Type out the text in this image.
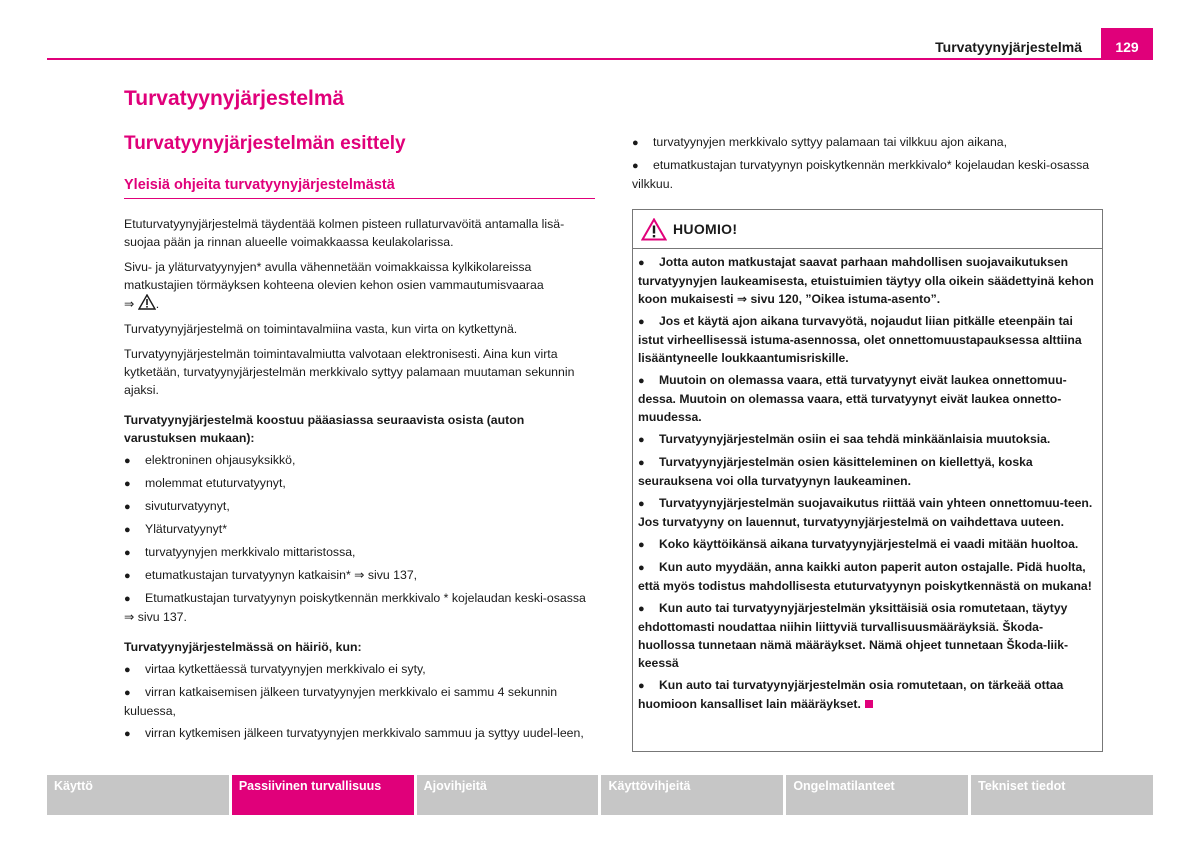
Turvatyynyjärjestelmä	129
Turvatyynyjärjestelmä
Turvatyynyjärjestelmän esittely
Yleisiä ohjeita turvatyynyjärjestelmästä

Etuturvatyynyjärjestelmä täydentää kolmen pisteen rullaturvavöitä antamalla lisä-suojaa pään ja rinnan alueelle voimakkaassa keulakolarissa.

Sivu- ja yläturvatyynyjen* avulla vähennetään voimakkaissa kylkikolareissa matkustajien törmäyksen kohteena olevien kehon osien vammautumisvaaraa
⇒ .

Turvatyynyjärjestelmä on toimintavalmiina vasta, kun virta on kytkettynä.

Turvatyynyjärjestelmän toimintavalmiutta valvotaan elektronisesti. Aina kun virta kytketään, turvatyynyjärjestelmän merkkivalo syttyy palamaan muutaman sekunnin ajaksi.

Turvatyynyjärjestelmä koostuu pääasiassa seuraavista osista (auton varustuksen mukaan):

● elektroninen ohjausyksikkö,

● molemmat etuturvatyynyt,

● sivuturvatyynyt,

● Yläturvatyynyt*

● turvatyynyjen merkkivalo mittaristossa,

● etumatkustajan turvatyynyn katkaisin* ⇒ sivu 137,

● Etumatkustajan turvatyynyn poiskytkennän merkkivalo * kojelaudan keski-osassa ⇒ sivu 137.

Turvatyynyjärjestelmässä on häiriö, kun:

● virtaa kytkettäessä turvatyynyjen merkkivalo ei syty,

● virran katkaisemisen jälkeen turvatyynyjen merkkivalo ei sammu 4 sekunnin kuluessa,

● virran kytkemisen jälkeen turvatyynyjen merkkivalo sammuu ja syttyy uudel-leen,

● turvatyynyjen merkkivalo syttyy palamaan tai vilkkuu ajon aikana,

● etumatkustajan turvatyynyn poiskytkennän merkkivalo* kojelaudan keski-osassa vilkkuu.

HUOMIO!

● Jotta auton matkustajat saavat parhaan mahdollisen suojavaikutuksen turvatyynyjen laukeamisesta, etuistuimien täytyy olla oikein säädettyinä kehon koon mukaisesti ⇒ sivu 120, ”Oikea istuma-asento”.

● Jos et käytä ajon aikana turvavyötä, nojaudut liian pitkälle eteenpäin tai istut virheellisessä istuma-asennossa, olet onnettomuustapauksessa alttiina lisääntyneelle loukkaantumisriskille.

● Muutoin on olemassa vaara, että turvatyynyt eivät laukea onnettomuu-dessa. Muutoin on olemassa vaara, että turvatyynyt eivät laukea onnetto-muudessa.

● Turvatyynyjärjestelmän osiin ei saa tehdä minkäänlaisia muutoksia.

● Turvatyynyjärjestelmän osien käsitteleminen on kiellettyä, koska seurauksena voi olla turvatyynyn laukeaminen.

● Turvatyynyjärjestelmän suojavaikutus riittää vain yhteen onnettomuu-teen. Jos turvatyyny on lauennut, turvatyynyjärjestelmä on vaihdettava uuteen.

● Koko käyttöikänsä aikana turvatyynyjärjestelmä ei vaadi mitään huoltoa.

● Kun auto myydään, anna kaikki auton paperit auton ostajalle. Pidä huolta, että myös todistus mahdollisesta etuturvatyynyn poiskytkennästä on mukana!

● Kun auto tai turvatyynyjärjestelmän yksittäisiä osia romutetaan, täytyy ehdottomasti noudattaa niihin liittyviä turvallisuusmääräyksiä. Škoda-huollossa tunnetaan nämä määräykset. Nämä ohjeet tunnetaan Škoda-liik-keessä

● Kun auto tai turvatyynyjärjestelmän osia romutetaan, on tärkeää ottaa huomioon kansalliset lain määräykset.

Käyttö	Passiivinen turvallisuus	Ajovihjeitä	Käyttövihjeitä	Ongelmatilanteet	Tekniset tiedot
